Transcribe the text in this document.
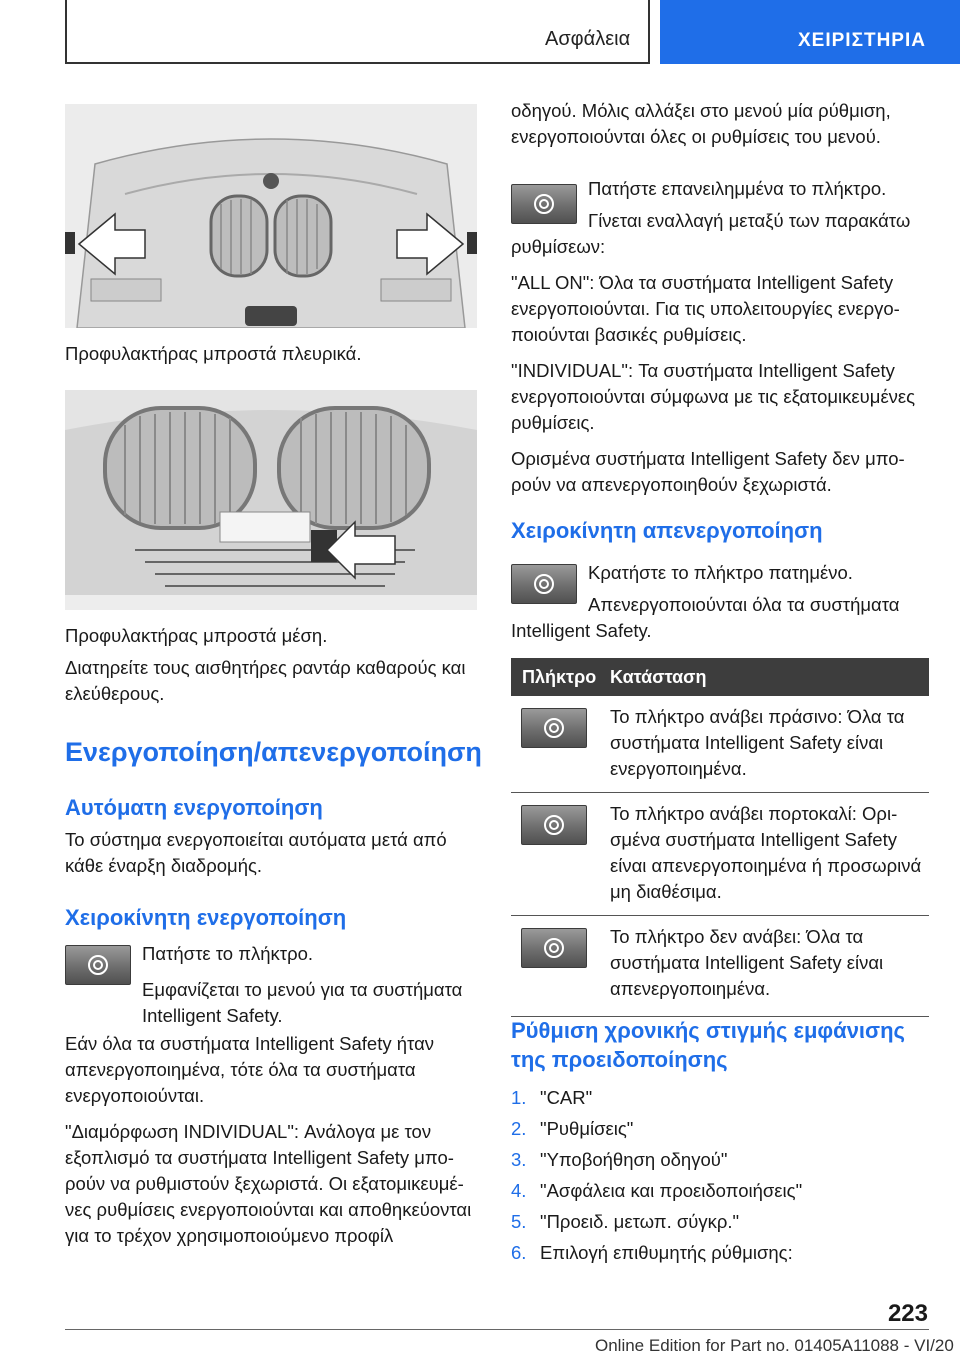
Ασφάλεια	ΧΕΙΡΙΣΤΗΡΙΑ
Προφυλακτήρας μπροστά πλευρικά.
Προφυλακτήρας μπροστά μέση.

Διατηρείτε τους αισθητήρες ραντάρ καθαρούς και ελεύθερους.

Ενεργοποίηση/απενεργοποίηση
Αυτόματη ενεργοποίηση

Το σύστημα ενεργοποιείται αυτόματα μετά από κάθε έναρξη διαδρομής.

Χειροκίνητη ενεργοποίηση

Πατήστε το πλήκτρο.

Εμφανίζεται το μενού για τα συστήματα Intelligent Safety.

Εάν όλα τα συστήματα Intelligent Safety ήταν απενεργοποιημένα, τότε όλα τα συστήματα ενεργοποιούνται.

"Διαμόρφωση INDIVIDUAL": Ανάλογα με τον εξοπλισμό τα συστήματα Intelligent Safety μπορούν να ρυθμιστούν ξεχωριστά. Οι εξατομικευμένες ρυθμίσεις ενεργοποιούνται και αποθηκεύονται για το τρέχον χρησιμοποιούμενο προφίλ

οδηγού. Μόλις αλλάξει στο μενού μία ρύθμιση, ενεργοποιούνται όλες οι ρυθμίσεις του μενού.

Πατήστε επανειλημμένα το πλήκτρο.

Γίνεται εναλλαγή μεταξύ των παρακάτω ρυθμίσεων:

"ALL ON": Όλα τα συστήματα Intelligent Safety ενεργοποιούνται. Για τις υπολειτουργίες ενεργοποιούνται βασικές ρυθμίσεις.

"INDIVIDUAL": Τα συστήματα Intelligent Safety ενεργοποιούνται σύμφωνα με τις εξατομικευμένες ρυθμίσεις.

Ορισμένα συστήματα Intelligent Safety δεν μπορούν να απενεργοποιηθούν ξεχωριστά.

Χειροκίνητη απενεργοποίηση

Κρατήστε το πλήκτρο πατημένο.

Απενεργοποιούνται όλα τα συστήματα Intelligent Safety.

Πλήκτρο Κατάσταση
Το πλήκτρο ανάβει πράσινο: Όλα τα συστήματα Intelligent Safety είναι ενεργοποιημένα.
Το πλήκτρο ανάβει πορτοκαλί: Ορισμένα συστήματα Intelligent Safety είναι απενεργοποιημένα ή προσωρινά μη διαθέσιμα.
Το πλήκτρο δεν ανάβει: Όλα τα συστήματα Intelligent Safety είναι απενεργοποιημένα.
Ρύθμιση χρονικής στιγμής εμφάνισης της προειδοποίησης
1. "CAR"
2. "Ρυθμίσεις"
3. "Υποβοήθηση οδηγού"
4. "Ασφάλεια και προειδοποιήσεις"
5. "Προειδ. μετωπ. σύγκρ."
6. Επιλογή επιθυμητής ρύθμισης:
223
Online Edition for Part no. 01405A11088 - VI/20
